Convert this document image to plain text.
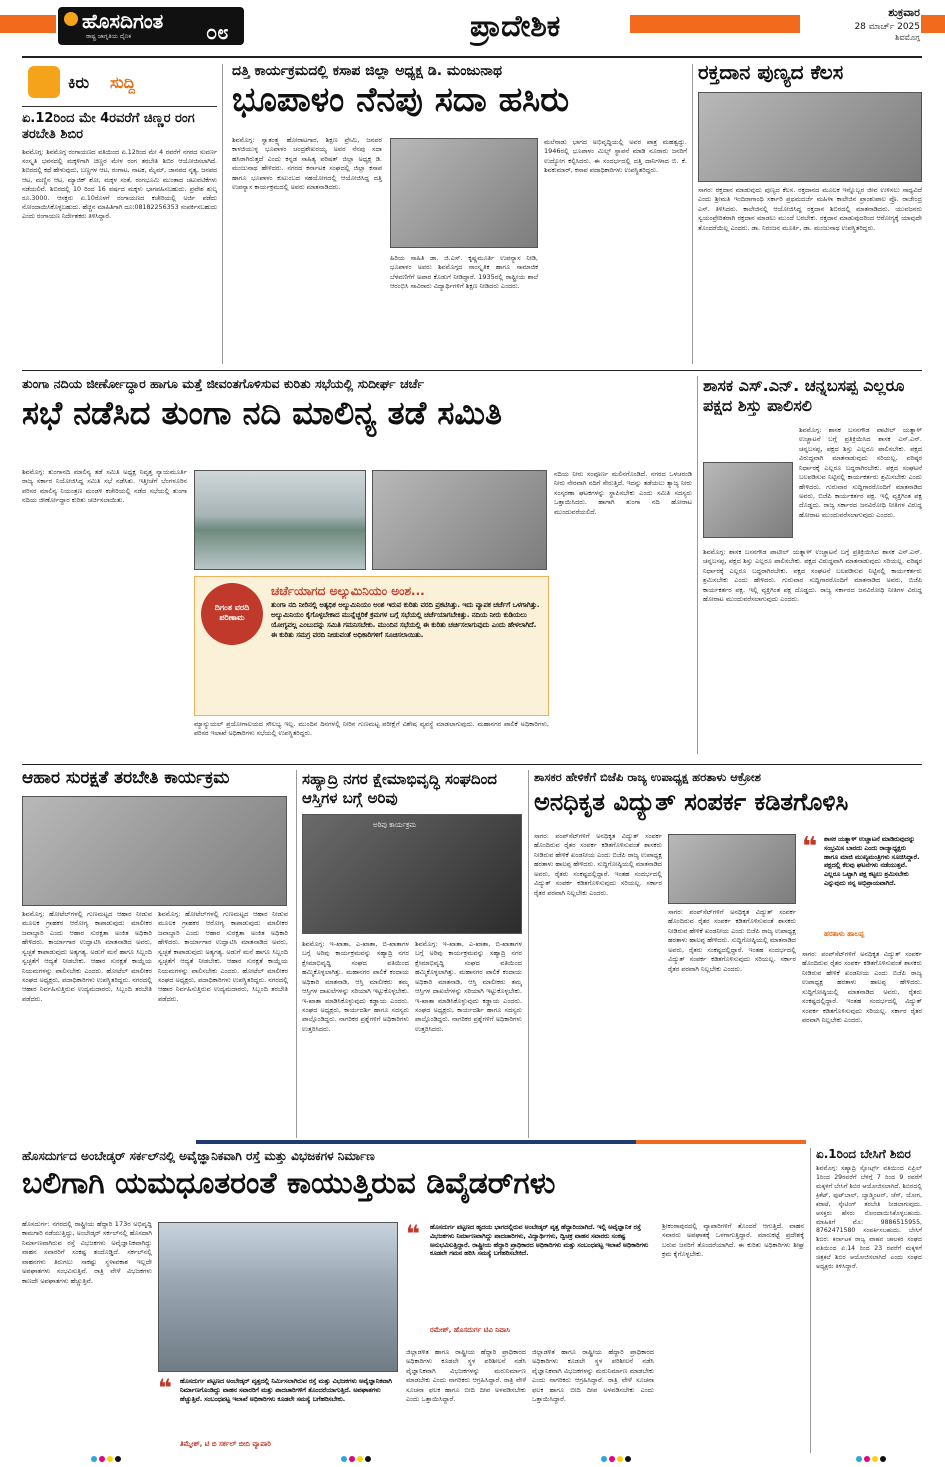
ಹೊಸದಿಗಂತ
ರಾಷ್ಟ್ರ ಜಾಗೃತಿಯ ದೈನಿಕ	೦೮	ಪ್ರಾದೇಶಿಕ	ಶುಕ್ರವಾರ
28 ಮಾರ್ಚ್ 2025
ಶಿವಮೊಗ್ಗ
ಕಿರು ಸುದ್ದಿ
ಏ.12ರಿಂದ ಮೇ 4ರವರೆಗೆ ಚಿಣ್ಣರ ರಂಗ ತರಬೇತಿ ಶಿಬಿರ
ಶಿವಮೊಗ್ಗ: ಶಿವಮೊಗ್ಗ ರಂಗಾಯಣದ ವತಿಯಿಂದ ಏ.12ರಿಂದ ಮೇ 4 ರವರೆಗೆ ನಗರದ ಸುವರ್ಣ ಸಂಸ್ಕೃತಿ ಭವನದಲ್ಲಿ ಮಕ್ಕಳಿಗಾಗಿ ಚಿಣ್ಣರ ಮೇಳ ರಂಗ ತರಬೇತಿ ಶಿಬಿರ ಆಯೋಜಿಸಲಾಗಿದೆ. ಶಿಬಿರದಲ್ಲಿ ಕಥೆ ಹೇಳುವುದು, ಬಣ್ಣಗಳ ಆಟ, ರಂಗಾಟ, ನಾಟಕ, ಮೈಮ್, ಜಾನಪದ ನೃತ್ಯ, ಜನಪದ ಆಟ, ಮಣ್ಣಿನ ಆಟ, ಮ್ಯಾಜಿಕ್ ಶೋ, ಮಕ್ಕಳ ಸಂತೆ, ರಂಗಭೂಮಿ ಮುಂತಾದ ಚಟುವಟಿಕೆಗಳು ನಡೆಯಲಿವೆ. ಶಿಬಿರದಲ್ಲಿ 10 ರಿಂದ 16 ವರ್ಷದ ಮಕ್ಕಳು ಭಾಗವಹಿಸಬಹುದು. ಪ್ರವೇಶ ಶುಲ್ಕ ರೂ.3000. ಆಸಕ್ತರು ಏ.10ರೊಳಗೆ ರಂಗಾಯಣದ ಕಚೇರಿಯಲ್ಲಿ ಅರ್ಜಿ ಪಡೆದು ನೋಂದಾಯಿಸಿಕೊಳ್ಳಬಹುದು. ಹೆಚ್ಚಿನ ಮಾಹಿತಿಗಾಗಿ ದೂ:08182256353 ಸಂಪರ್ಕಿಸಬಹುದು ಎಂದು ರಂಗಾಯಣ ನಿರ್ದೇಶಕರು ತಿಳಿಸಿದ್ದಾರೆ.
ದತ್ತಿ ಕಾರ್ಯಕ್ರಮದಲ್ಲಿ ಕಸಾಪ ಜಿಲ್ಲಾ ಅಧ್ಯಕ್ಷ ಡಿ. ಮಂಜುನಾಥ
ಭೂಪಾಳಂ ನೆನಪು ಸದಾ ಹಸಿರು
ಶಿವಮೊಗ್ಗ: ಸ್ವಾತಂತ್ರ್ಯ ಹೋರಾಟಗಾರ, ಶಿಕ್ಷಣ ಪ್ರೇಮಿ, ಜನಪರ ಕಾಳಜಿಯುಳ್ಳ ಭೂಪಾಳಂ ಚಂದ್ರಶೇಖರಯ್ಯ ಅವರ ನೆನಪು ಸದಾ ಹಸಿರಾಗಿರುತ್ತದೆ ಎಂದು ಕನ್ನಡ ಸಾಹಿತ್ಯ ಪರಿಷತ್ ಜಿಲ್ಲಾ ಅಧ್ಯಕ್ಷ ಡಿ. ಮಂಜುನಾಥ ಹೇಳಿದರು. ನಗರದ ಕರ್ನಾಟಕ ಸಂಘದಲ್ಲಿ ಜಿಲ್ಲಾ ಕಸಾಪ ಹಾಗೂ ಭೂಪಾಳಂ ಕುಟುಂಬದ ಸಹಯೋಗದಲ್ಲಿ ಆಯೋಜಿಸಿದ್ದ ದತ್ತಿ ಉಪನ್ಯಾಸ ಕಾರ್ಯಕ್ರಮದಲ್ಲಿ ಅವರು ಮಾತನಾಡಿದರು.
ಹಿರಿಯ ಸಾಹಿತಿ ಡಾ. ಜಿ.ಎಸ್. ಕೃಷ್ಣಮೂರ್ತಿ ಉಪನ್ಯಾಸ ನೀಡಿ, ಭೂಪಾಳಂ ಅವರು ಶಿವಮೊಗ್ಗದ ಸಾಂಸ್ಕೃತಿಕ ಹಾಗೂ ಸಾಮಾಜಿಕ ಬೆಳವಣಿಗೆಗೆ ಅಪಾರ ಕೊಡುಗೆ ನೀಡಿದ್ದಾರೆ. 1935ರಲ್ಲಿ ರಾಷ್ಟ್ರೀಯ ಶಾಲೆ ಆರಂಭಿಸಿ ಸಾವಿರಾರು ವಿದ್ಯಾರ್ಥಿಗಳಿಗೆ ಶಿಕ್ಷಣ ನೀಡಿದರು ಎಂದರು.
ಮಲೆನಾಡು ಭಾಗದ ಅಭಿವೃದ್ಧಿಯಲ್ಲಿ ಅವರ ಪಾತ್ರ ಮಹತ್ವದ್ದು. 1946ರಲ್ಲಿ ಭೂಪಾಳಂ ಮಿಲ್ಸ್ ಸ್ಥಾಪನೆ ಮಾಡಿ ನೂರಾರು ಜನರಿಗೆ ಉದ್ಯೋಗ ಕಲ್ಪಿಸಿದರು. ಈ ಸಂದರ್ಭದಲ್ಲಿ ದತ್ತಿ ದಾನಿಗಳಾದ ಬಿ. ಕೆ. ಶಿವಕುಮಾರ್, ಕಸಾಪ ಪದಾಧಿಕಾರಿಗಳು ಉಪಸ್ಥಿತರಿದ್ದರು.
ರಕ್ತದಾನ ಪುಣ್ಯದ ಕೆಲಸ
ಸಾಗರ: ರಕ್ತದಾನ ಮಾಡುವುದು ಪುಣ್ಯದ ಕೆಲಸ. ರಕ್ತದಾನದ ಮೂಲಕ ಇನ್ನೊಬ್ಬರ ಜೀವ ಉಳಿಸಲು ಸಾಧ್ಯವಿದೆ ಎಂದು ಶ್ರೀಮತಿ ಇಂದಿರಾಗಾಂಧಿ ಸರ್ಕಾರಿ ಪ್ರಥಮದರ್ಜೆ ಮಹಿಳಾ ಕಾಲೇಜಿನ ಪ್ರಾಂಶುಪಾಲ ಪ್ರೊ. ರಾಜೇಂದ್ರ ಎಸ್. ತಿಳಿಸಿದರು. ಕಾಲೇಜಿನಲ್ಲಿ ಆಯೋಜಿಸಿದ್ದ ರಕ್ತದಾನ ಶಿಬಿರದಲ್ಲಿ ಮಾತನಾಡಿದರು. ಯುವಜನರು ಸ್ವಯಂಪ್ರೇರಿತರಾಗಿ ರಕ್ತದಾನ ಮಾಡಲು ಮುಂದೆ ಬರಬೇಕು. ರಕ್ತದಾನ ಮಾಡುವುದರಿಂದ ಆರೋಗ್ಯಕ್ಕೆ ಯಾವುದೇ ತೊಂದರೆಯಿಲ್ಲ ಎಂದರು. ಡಾ. ನಿರಂಜನ ಮೂರ್ತಿ, ಡಾ. ಮಂಜುನಾಥ ಉಪಸ್ಥಿತರಿದ್ದರು.
ತುಂಗಾ ನದಿಯ ಜೀರ್ಣೋದ್ಧಾರ ಹಾಗೂ ಮತ್ತೆ ಜೀವಂತಗೊಳಿಸುವ ಕುರಿತು ಸಭೆಯಲ್ಲಿ ಸುದೀರ್ಘ ಚರ್ಚೆ
ಸಭೆ ನಡೆಸಿದ ತುಂಗಾ ನದಿ ಮಾಲಿನ್ಯ ತಡೆ ಸಮಿತಿ
ಶಿವಮೊಗ್ಗ: ತುಂಗಾನದಿ ಮಾಲಿನ್ಯ ತಡೆ ಸಮಿತಿ ಅಧ್ಯಕ್ಷ ನಿವೃತ್ತ ನ್ಯಾಯಮೂರ್ತಿ ರಾಜ್ಯ ಸರ್ಕಾರ ನಿಯೋಜಿಸಿದ್ದ ಸಮಿತಿ ಸಭೆ ನಡೆಸಿತು. ಇತ್ತೀಚೆಗೆ ಬೆಂಗಳೂರಿನ ಪರಿಸರ ಮಾಲಿನ್ಯ ನಿಯಂತ್ರಣ ಮಂಡಳಿ ಕಚೇರಿಯಲ್ಲಿ ನಡೆದ ಸಭೆಯಲ್ಲಿ ತುಂಗಾ ನದಿಯ ಜೀರ್ಣೋದ್ಧಾರ ಕುರಿತು ಚರ್ಚಿಸಲಾಯಿತು.
ನದಿಯ ನೀರು ಸಂಪೂರ್ಣ ಮಲಿನಗೊಂಡಿದೆ. ನಗರದ ಒಳಚರಂಡಿ ನೀರು ನೇರವಾಗಿ ನದಿಗೆ ಸೇರುತ್ತಿದೆ. ಇದನ್ನು ತಡೆಯಲು ತ್ಯಾಜ್ಯ ನೀರು ಸಂಸ್ಕರಣಾ ಘಟಕಗಳನ್ನು ಸ್ಥಾಪಿಸಬೇಕು ಎಂದು ಸಮಿತಿ ಸದಸ್ಯರು ಒತ್ತಾಯಿಸಿದರು. ಹಾಗಾಗಿ ತುಂಗಾ ನದಿ ಹೋರಾಟ ಮುಂದುವರೆಯಲಿದೆ.
ದಿಗಂತ ವರದಿ ಪರಿಣಾಮ
ಚರ್ಚೆಯಾಗದ ಅಲ್ಯುಮಿನಿಯಂ ಅಂಶ...
ತುಂಗಾ ನದಿ ನೀರಿನಲ್ಲಿ ಅತ್ಯಧಿಕ ಅಲ್ಯುಮಿನಿಯಂ ಅಂಶ ಇರುವ ಕುರಿತು ವರದಿ ಪ್ರಕಟಿಸಿತ್ತು. ಇದು ವ್ಯಾಪಕ ಚರ್ಚೆಗೆ ಒಳಗಾಗಿತ್ತು. ಅಲ್ಯುಮಿನಿಯಂ ಕೈಗೊಳ್ಳಬೇಕಾದ ಮುನ್ನೆಚ್ಚರಿಕೆ ಕ್ರಮಗಳ ಬಗ್ಗೆ ಸಭೆಯಲ್ಲಿ ಚರ್ಚೆಯಾಗಬೇಕಿತ್ತು. ನದಿಯ ನೀರು ಕುಡಿಯಲು ಯೋಗ್ಯವಲ್ಲ ಎಂಬುದನ್ನು ಸಮಿತಿ ಗಮನಿಸಬೇಕು. ಮುಂದಿನ ಸಭೆಯಲ್ಲಿ ಈ ಕುರಿತು ಚರ್ಚಿಸಲಾಗುವುದು ಎಂದು ಹೇಳಲಾಗಿದೆ. ಈ ಕುರಿತು ಸಮಗ್ರ ವರದಿ ನೀಡುವಂತೆ ಅಧಿಕಾರಿಗಳಿಗೆ ಸೂಚಿಸಲಾಯಿತು.
ಮ್ಯಾನ್ಯುಯಲ್ ಪ್ರಯೋಗಾಲಯದ ಸೌಲಭ್ಯ ಇಲ್ಲ. ಮುಂದಿನ ದಿನಗಳಲ್ಲಿ ನೀರಿನ ಗುಣಮಟ್ಟ ಪರೀಕ್ಷೆಗೆ ವಿಶೇಷ ವ್ಯವಸ್ಥೆ ಮಾಡಲಾಗುವುದು. ಮಹಾನಗರ ಪಾಲಿಕೆ ಅಧಿಕಾರಿಗಳು, ಪರಿಸರ ಇಲಾಖೆ ಅಧಿಕಾರಿಗಳು ಸಭೆಯಲ್ಲಿ ಉಪಸ್ಥಿತರಿದ್ದರು.
ಶಾಸಕ ಎಸ್.ಎನ್. ಚನ್ನಬಸಪ್ಪ ಎಲ್ಲರೂ ಪಕ್ಷದ ಶಿಸ್ತು ಪಾಲಿಸಲಿ
ಶಿವಮೊಗ್ಗ: ಶಾಸಕ ಬಸನಗೌಡ ಪಾಟೀಲ್ ಯತ್ನಾಳ್ ಉಚ್ಚಾಟನೆ ಬಗ್ಗೆ ಪ್ರತಿಕ್ರಿಯಿಸಿದ ಶಾಸಕ ಎಸ್.ಎನ್. ಚನ್ನಬಸಪ್ಪ, ಪಕ್ಷದ ಶಿಸ್ತು ಎಲ್ಲರೂ ಪಾಲಿಸಬೇಕು. ಪಕ್ಷದ ವಿರುದ್ಧವಾಗಿ ಮಾತನಾಡುವುದು ಸರಿಯಲ್ಲ. ವರಿಷ್ಠರ ನಿರ್ಧಾರಕ್ಕೆ ಎಲ್ಲರೂ ಬದ್ಧರಾಗಿರಬೇಕು. ಪಕ್ಷದ ಸಂಘಟನೆ ಬಲಪಡಿಸುವ ನಿಟ್ಟಿನಲ್ಲಿ ಕಾರ್ಯಕರ್ತರು ಶ್ರಮಿಸಬೇಕು ಎಂದು ಹೇಳಿದರು. ಗುರುವಾರ ಸುದ್ದಿಗಾರರೊಂದಿಗೆ ಮಾತನಾಡಿದ ಅವರು, ಬಿಜೆಪಿ ಕಾರ್ಯಕರ್ತರ ಪಕ್ಷ. ಇಲ್ಲಿ ವ್ಯಕ್ತಿಗಿಂತ ಪಕ್ಷ ದೊಡ್ಡದು. ರಾಜ್ಯ ಸರ್ಕಾರದ ಜನವಿರೋಧಿ ನೀತಿಗಳ ವಿರುದ್ಧ ಹೋರಾಟ ಮುಂದುವರೆಸಲಾಗುವುದು ಎಂದರು.
ಶಿವಮೊಗ್ಗ: ಶಾಸಕ ಬಸನಗೌಡ ಪಾಟೀಲ್ ಯತ್ನಾಳ್ ಉಚ್ಚಾಟನೆ ಬಗ್ಗೆ ಪ್ರತಿಕ್ರಿಯಿಸಿದ ಶಾಸಕ ಎಸ್.ಎನ್. ಚನ್ನಬಸಪ್ಪ, ಪಕ್ಷದ ಶಿಸ್ತು ಎಲ್ಲರೂ ಪಾಲಿಸಬೇಕು. ಪಕ್ಷದ ವಿರುದ್ಧವಾಗಿ ಮಾತನಾಡುವುದು ಸರಿಯಲ್ಲ. ವರಿಷ್ಠರ ನಿರ್ಧಾರಕ್ಕೆ ಎಲ್ಲರೂ ಬದ್ಧರಾಗಿರಬೇಕು. ಪಕ್ಷದ ಸಂಘಟನೆ ಬಲಪಡಿಸುವ ನಿಟ್ಟಿನಲ್ಲಿ ಕಾರ್ಯಕರ್ತರು ಶ್ರಮಿಸಬೇಕು ಎಂದು ಹೇಳಿದರು. ಗುರುವಾರ ಸುದ್ದಿಗಾರರೊಂದಿಗೆ ಮಾತನಾಡಿದ ಅವರು, ಬಿಜೆಪಿ ಕಾರ್ಯಕರ್ತರ ಪಕ್ಷ. ಇಲ್ಲಿ ವ್ಯಕ್ತಿಗಿಂತ ಪಕ್ಷ ದೊಡ್ಡದು. ರಾಜ್ಯ ಸರ್ಕಾರದ ಜನವಿರೋಧಿ ನೀತಿಗಳ ವಿರುದ್ಧ ಹೋರಾಟ ಮುಂದುವರೆಸಲಾಗುವುದು ಎಂದರು.
ಆಹಾರ ಸುರಕ್ಷತೆ ತರಬೇತಿ ಕಾರ್ಯಕ್ರಮ
ಶಿವಮೊಗ್ಗ: ಹೋಟೆಲ್‌ಗಳಲ್ಲಿ ಗುಣಮಟ್ಟದ ಆಹಾರ ನೀಡುವ ಮೂಲಕ ಗ್ರಾಹಕರ ಆರೋಗ್ಯ ಕಾಪಾಡುವುದು ಮಾಲೀಕರ ಜವಾಬ್ದಾರಿ ಎಂದು ಆಹಾರ ಸುರಕ್ಷತಾ ಅಂಕಿತ ಅಧಿಕಾರಿ ಹೇಳಿದರು. ಕಾರ್ಯಾಗಾರ ಉದ್ಘಾಟಿಸಿ ಮಾತನಾಡಿದ ಅವರು, ಸ್ವಚ್ಛತೆ ಕಾಪಾಡುವುದು ಅತ್ಯಗತ್ಯ. ಅಡುಗೆ ಮನೆ ಹಾಗೂ ಸಿಬ್ಬಂದಿ ಸ್ವಚ್ಛತೆಗೆ ಆದ್ಯತೆ ನೀಡಬೇಕು. ಆಹಾರ ಸುರಕ್ಷತೆ ಕಾಯ್ದೆಯ ನಿಯಮಗಳನ್ನು ಪಾಲಿಸಬೇಕು ಎಂದರು. ಹೋಟೆಲ್ ಮಾಲೀಕರ ಸಂಘದ ಅಧ್ಯಕ್ಷರು, ಪದಾಧಿಕಾರಿಗಳು ಉಪಸ್ಥಿತರಿದ್ದರು. ನಗರದಲ್ಲಿ ಆಹಾರ ನಿರ್ವಹಿಸುತ್ತಿರುವ ಉದ್ಯಮದಾರರು, ಸಿಬ್ಬಂದಿ ತರಬೇತಿ ಪಡೆದರು.
ಶಿವಮೊಗ್ಗ: ಹೋಟೆಲ್‌ಗಳಲ್ಲಿ ಗುಣಮಟ್ಟದ ಆಹಾರ ನೀಡುವ ಮೂಲಕ ಗ್ರಾಹಕರ ಆರೋಗ್ಯ ಕಾಪಾಡುವುದು ಮಾಲೀಕರ ಜವಾಬ್ದಾರಿ ಎಂದು ಆಹಾರ ಸುರಕ್ಷತಾ ಅಂಕಿತ ಅಧಿಕಾರಿ ಹೇಳಿದರು. ಕಾರ್ಯಾಗಾರ ಉದ್ಘಾಟಿಸಿ ಮಾತನಾಡಿದ ಅವರು, ಸ್ವಚ್ಛತೆ ಕಾಪಾಡುವುದು ಅತ್ಯಗತ್ಯ. ಅಡುಗೆ ಮನೆ ಹಾಗೂ ಸಿಬ್ಬಂದಿ ಸ್ವಚ್ಛತೆಗೆ ಆದ್ಯತೆ ನೀಡಬೇಕು. ಆಹಾರ ಸುರಕ್ಷತೆ ಕಾಯ್ದೆಯ ನಿಯಮಗಳನ್ನು ಪಾಲಿಸಬೇಕು ಎಂದರು. ಹೋಟೆಲ್ ಮಾಲೀಕರ ಸಂಘದ ಅಧ್ಯಕ್ಷರು, ಪದಾಧಿಕಾರಿಗಳು ಉಪಸ್ಥಿತರಿದ್ದರು. ನಗರದಲ್ಲಿ ಆಹಾರ ನಿರ್ವಹಿಸುತ್ತಿರುವ ಉದ್ಯಮದಾರರು, ಸಿಬ್ಬಂದಿ ತರಬೇತಿ ಪಡೆದರು.
ಸಹ್ಯಾದ್ರಿ ನಗರ ಕ್ಷೇಮಾಭಿವೃದ್ಧಿ ಸಂಘದಿಂದ ಆಸ್ತಿಗಳ ಬಗ್ಗೆ ಅರಿವು
ಅರಿವು ಕಾರ್ಯಕ್ರಮ
ಶಿವಮೊಗ್ಗ: ಇ-ಖಾತಾ, ಎ-ಖಾತಾ, ಬಿ-ಖಾತಾಗಳ ಬಗ್ಗೆ ಅರಿವು ಕಾರ್ಯಕ್ರಮವನ್ನು ಸಹ್ಯಾದ್ರಿ ನಗರ ಕ್ಷೇಮಾಭಿವೃದ್ಧಿ ಸಂಘದ ವತಿಯಿಂದ ಹಮ್ಮಿಕೊಳ್ಳಲಾಗಿತ್ತು. ಮಹಾನಗರ ಪಾಲಿಕೆ ಕಂದಾಯ ಅಧಿಕಾರಿ ಮಾತನಾಡಿ, ಆಸ್ತಿ ಮಾಲೀಕರು ತಮ್ಮ ಆಸ್ತಿಗಳ ದಾಖಲೆಗಳನ್ನು ಸರಿಯಾಗಿ ಇಟ್ಟುಕೊಳ್ಳಬೇಕು. ಇ-ಖಾತಾ ಮಾಡಿಸಿಕೊಳ್ಳುವುದು ಕಡ್ಡಾಯ ಎಂದರು. ಸಂಘದ ಅಧ್ಯಕ್ಷರು, ಕಾರ್ಯದರ್ಶಿ ಹಾಗೂ ಸದಸ್ಯರು ಪಾಲ್ಗೊಂಡಿದ್ದರು. ನಾಗರಿಕರ ಪ್ರಶ್ನೆಗಳಿಗೆ ಅಧಿಕಾರಿಗಳು ಉತ್ತರಿಸಿದರು.
ಶಿವಮೊಗ್ಗ: ಇ-ಖಾತಾ, ಎ-ಖಾತಾ, ಬಿ-ಖಾತಾಗಳ ಬಗ್ಗೆ ಅರಿವು ಕಾರ್ಯಕ್ರಮವನ್ನು ಸಹ್ಯಾದ್ರಿ ನಗರ ಕ್ಷೇಮಾಭಿವೃದ್ಧಿ ಸಂಘದ ವತಿಯಿಂದ ಹಮ್ಮಿಕೊಳ್ಳಲಾಗಿತ್ತು. ಮಹಾನಗರ ಪಾಲಿಕೆ ಕಂದಾಯ ಅಧಿಕಾರಿ ಮಾತನಾಡಿ, ಆಸ್ತಿ ಮಾಲೀಕರು ತಮ್ಮ ಆಸ್ತಿಗಳ ದಾಖಲೆಗಳನ್ನು ಸರಿಯಾಗಿ ಇಟ್ಟುಕೊಳ್ಳಬೇಕು. ಇ-ಖಾತಾ ಮಾಡಿಸಿಕೊಳ್ಳುವುದು ಕಡ್ಡಾಯ ಎಂದರು. ಸಂಘದ ಅಧ್ಯಕ್ಷರು, ಕಾರ್ಯದರ್ಶಿ ಹಾಗೂ ಸದಸ್ಯರು ಪಾಲ್ಗೊಂಡಿದ್ದರು. ನಾಗರಿಕರ ಪ್ರಶ್ನೆಗಳಿಗೆ ಅಧಿಕಾರಿಗಳು ಉತ್ತರಿಸಿದರು.
ಶಾಸಕರ ಹೇಳಿಕೆಗೆ ಬಿಜೆಪಿ ರಾಜ್ಯ ಉಪಾಧ್ಯಕ್ಷ ಹರತಾಳು ಆಕ್ರೋಶ
ಅನಧಿಕೃತ ವಿದ್ಯುತ್ ಸಂಪರ್ಕ ಕಡಿತಗೊಳಿಸಿ
ಸಾಗರ: ಪಂಪ್‌ಸೆಟ್‌ಗಳಿಗೆ ಅನಧಿಕೃತ ವಿದ್ಯುತ್ ಸಂಪರ್ಕ ಹೊಂದಿರುವ ರೈತರ ಸಂಪರ್ಕ ಕಡಿತಗೊಳಿಸುವಂತೆ ಶಾಸಕರು ನೀಡಿರುವ ಹೇಳಿಕೆ ಖಂಡನೀಯ ಎಂದು ಬಿಜೆಪಿ ರಾಜ್ಯ ಉಪಾಧ್ಯಕ್ಷ ಹರತಾಳು ಹಾಲಪ್ಪ ಹೇಳಿದರು. ಸುದ್ದಿಗೋಷ್ಠಿಯಲ್ಲಿ ಮಾತನಾಡಿದ ಅವರು, ರೈತರು ಸಂಕಷ್ಟದಲ್ಲಿದ್ದಾರೆ. ಇಂತಹ ಸಂದರ್ಭದಲ್ಲಿ ವಿದ್ಯುತ್ ಸಂಪರ್ಕ ಕಡಿತಗೊಳಿಸುವುದು ಸರಿಯಲ್ಲ. ಸರ್ಕಾರ ರೈತರ ಪರವಾಗಿ ನಿಲ್ಲಬೇಕು ಎಂದರು.
ಸಾಗರ: ಪಂಪ್‌ಸೆಟ್‌ಗಳಿಗೆ ಅನಧಿಕೃತ ವಿದ್ಯುತ್ ಸಂಪರ್ಕ ಹೊಂದಿರುವ ರೈತರ ಸಂಪರ್ಕ ಕಡಿತಗೊಳಿಸುವಂತೆ ಶಾಸಕರು ನೀಡಿರುವ ಹೇಳಿಕೆ ಖಂಡನೀಯ ಎಂದು ಬಿಜೆಪಿ ರಾಜ್ಯ ಉಪಾಧ್ಯಕ್ಷ ಹರತಾಳು ಹಾಲಪ್ಪ ಹೇಳಿದರು. ಸುದ್ದಿಗೋಷ್ಠಿಯಲ್ಲಿ ಮಾತನಾಡಿದ ಅವರು, ರೈತರು ಸಂಕಷ್ಟದಲ್ಲಿದ್ದಾರೆ. ಇಂತಹ ಸಂದರ್ಭದಲ್ಲಿ ವಿದ್ಯುತ್ ಸಂಪರ್ಕ ಕಡಿತಗೊಳಿಸುವುದು ಸರಿಯಲ್ಲ. ಸರ್ಕಾರ ರೈತರ ಪರವಾಗಿ ನಿಲ್ಲಬೇಕು ಎಂದರು.
❝ ಶಾಸಕ ಯತ್ನಾಳ್ ಉಚ್ಚಾಟನೆ ಮಾಡಿರುವುದನ್ನು ಸಂಭ್ರಮಿಸ ಬಾರದು ಎಂದು ರಾಜ್ಯಾಧ್ಯಕ್ಷರು ಹಾಗೂ ಮಾಜಿ ಮುಖ್ಯಮಂತ್ರಿಗಳು ಸೂಚಿಸಿದ್ದಾರೆ. ಪಕ್ಷದಲ್ಲಿ ಕೆಲವು ಘಟನೆಗಳು ನಡೆಯುತ್ತವೆ. ಎಲ್ಲರೂ ಒಟ್ಟಾಗಿ ಪಕ್ಷ ಕಟ್ಟಲು ಶ್ರಮಿಸಬೇಕು ಎನ್ನುವುದು ನನ್ನ ಅಭಿಪ್ರಾಯವಾಗಿದೆ.
ಹರತಾಳು ಹಾಲಪ್ಪ
ಸಾಗರ: ಪಂಪ್‌ಸೆಟ್‌ಗಳಿಗೆ ಅನಧಿಕೃತ ವಿದ್ಯುತ್ ಸಂಪರ್ಕ ಹೊಂದಿರುವ ರೈತರ ಸಂಪರ್ಕ ಕಡಿತಗೊಳಿಸುವಂತೆ ಶಾಸಕರು ನೀಡಿರುವ ಹೇಳಿಕೆ ಖಂಡನೀಯ ಎಂದು ಬಿಜೆಪಿ ರಾಜ್ಯ ಉಪಾಧ್ಯಕ್ಷ ಹರತಾಳು ಹಾಲಪ್ಪ ಹೇಳಿದರು. ಸುದ್ದಿಗೋಷ್ಠಿಯಲ್ಲಿ ಮಾತನಾಡಿದ ಅವರು, ರೈತರು ಸಂಕಷ್ಟದಲ್ಲಿದ್ದಾರೆ. ಇಂತಹ ಸಂದರ್ಭದಲ್ಲಿ ವಿದ್ಯುತ್ ಸಂಪರ್ಕ ಕಡಿತಗೊಳಿಸುವುದು ಸರಿಯಲ್ಲ. ಸರ್ಕಾರ ರೈತರ ಪರವಾಗಿ ನಿಲ್ಲಬೇಕು ಎಂದರು.
ಹೊಸದುರ್ಗದ ಅಂಬೇಡ್ಕರ್ ಸರ್ಕಲ್‌ನಲ್ಲಿ ಅವೈಜ್ಞಾನಿಕವಾಗಿ ರಸ್ತೆ ಮತ್ತು ವಿಭಜಕಗಳ ನಿರ್ಮಾಣ
ಬಲಿಗಾಗಿ ಯಮಧೂತರಂತೆ ಕಾಯುತ್ತಿರುವ ಡಿವೈಡರ್‌ಗಳು
ಹೊಸದುರ್ಗ: ನಗರದಲ್ಲಿ ರಾಷ್ಟ್ರೀಯ ಹೆದ್ದಾರಿ 173ರ ಅಭಿವೃದ್ಧಿ ಕಾಮಗಾರಿ ನಡೆಯುತ್ತಿದ್ದು, ಅಂಬೇಡ್ಕರ್ ಸರ್ಕಲ್‌ನಲ್ಲಿ ಹೊಸದಾಗಿ ನಿರ್ಮಾಣವಾಗಿರುವ ರಸ್ತೆ ವಿಭಜಕಗಳು ಅವೈಜ್ಞಾನಿಕವಾಗಿದ್ದು ವಾಹನ ಸವಾರರಿಗೆ ಸಂಕಷ್ಟ ತಂದೊಡ್ಡಿದೆ. ಸರ್ಕಲ್‌ನಲ್ಲಿ ವಾಹನಗಳು ತಿರುಗಲು ಸಾಕಷ್ಟು ಸ್ಥಳಾವಕಾಶ ಇಲ್ಲದೇ ಅಪಘಾತಗಳು ಸಂಭವಿಸುತ್ತಿವೆ. ರಾತ್ರಿ ವೇಳೆ ವಿಭಜಕಗಳು ಕಾಣದೇ ಅಪಘಾತಗಳು ಹೆಚ್ಚುತ್ತಿವೆ.
❝ ಹೊಸದುರ್ಗ ಪಟ್ಟಣದ ಅಂಬೇಡ್ಕರ್ ವೃತ್ತದಲ್ಲಿ ನಿರ್ಮಿಸಲಾಗಿರುವ ರಸ್ತೆ ಮತ್ತು ವಿಭಜಕಗಳು ಅವೈಜ್ಞಾನಿಕವಾಗಿ ನಿರ್ಮಾಣಗೊಂಡಿದ್ದು ವಾಹನ ಸವಾರರಿಗೆ ಮತ್ತು ಪಾದಚಾರಿಗಳಿಗೆ ತೊಂದರೆಯಾಗುತ್ತಿದೆ. ಅಪಘಾತಗಳು ಹೆಚ್ಚುತ್ತಿವೆ. ಸಂಬಂಧಪಟ್ಟ ಇಲಾಖೆ ಅಧಿಕಾರಿಗಳು ಕೂಡಲೇ ಸಮಸ್ಯೆ ಬಗೆಹರಿಸಬೇಕು.
ತಿಮ್ಮೇಶ್, ಟಿ ಬಿ ಸರ್ಕಲ್ ಬೀದಿ ವ್ಯಾಪಾರಿ
❝ ಹೊಸದುರ್ಗ ಪಟ್ಟಣದ ಹೃದಯ ಭಾಗದಲ್ಲಿರುವ ಅಂಬೇಡ್ಕರ್ ವೃತ್ತ ಹೆದ್ದಾರಿಯಾಗಿದೆ. ಇಲ್ಲಿ ಅವೈಜ್ಞಾನಿಕ ರಸ್ತೆ ವಿಭಜಕಗಳು ನಿರ್ಮಾಣವಾಗಿದ್ದು ಪಾದಚಾರಿಗಳು, ವಿದ್ಯಾರ್ಥಿಗಳು, ದ್ವಿಚಕ್ರ ವಾಹನ ಸವಾರರು ಸಂಕಷ್ಟ ಅನುಭವಿಸುತ್ತಿದ್ದಾರೆ. ರಾಷ್ಟ್ರೀಯ ಹೆದ್ದಾರಿ ಪ್ರಾಧಿಕಾರದ ಅಧಿಕಾರಿಗಳು ಮತ್ತು ಸಂಬಂಧಪಟ್ಟ ಇಲಾಖೆ ಅಧಿಕಾರಿಗಳು ಕೂಡಲೇ ಗಮನ ಹರಿಸಿ ಸಮಸ್ಯೆ ಬಗೆಹರಿಸಬೇಕಿದೆ.
ರಮೇಶ್, ಹೊಸದುರ್ಗ ಟಿವಿ ನಿವಾಸಿ
ಜಿಲ್ಲಾಡಳಿತ ಹಾಗೂ ರಾಷ್ಟ್ರೀಯ ಹೆದ್ದಾರಿ ಪ್ರಾಧಿಕಾರದ ಅಧಿಕಾರಿಗಳು ಕೂಡಲೇ ಸ್ಥಳ ಪರಿಶೀಲನೆ ನಡೆಸಿ ವೈಜ್ಞಾನಿಕವಾಗಿ ವಿಭಜಕಗಳನ್ನು ಮರುನಿರ್ಮಾಣ ಮಾಡಬೇಕು ಎಂದು ನಾಗರಿಕರು ಆಗ್ರಹಿಸಿದ್ದಾರೆ. ರಾತ್ರಿ ವೇಳೆ ಸೂಚನಾ ಫಲಕ ಹಾಗೂ ಬೀದಿ ದೀಪ ಅಳವಡಿಸಬೇಕು ಎಂದು ಒತ್ತಾಯಿಸಿದ್ದಾರೆ.
ಜಿಲ್ಲಾಡಳಿತ ಹಾಗೂ ರಾಷ್ಟ್ರೀಯ ಹೆದ್ದಾರಿ ಪ್ರಾಧಿಕಾರದ ಅಧಿಕಾರಿಗಳು ಕೂಡಲೇ ಸ್ಥಳ ಪರಿಶೀಲನೆ ನಡೆಸಿ ವೈಜ್ಞಾನಿಕವಾಗಿ ವಿಭಜಕಗಳನ್ನು ಮರುನಿರ್ಮಾಣ ಮಾಡಬೇಕು ಎಂದು ನಾಗರಿಕರು ಆಗ್ರಹಿಸಿದ್ದಾರೆ. ರಾತ್ರಿ ವೇಳೆ ಸೂಚನಾ ಫಲಕ ಹಾಗೂ ಬೀದಿ ದೀಪ ಅಳವಡಿಸಬೇಕು ಎಂದು ಒತ್ತಾಯಿಸಿದ್ದಾರೆ.
ಶ್ರೀಕಂಠಾಪುರದಲ್ಲಿ ವ್ಯಾಪಾರಿಗಳಿಗೆ ತೊಂದರೆ ಆಗುತ್ತಿದೆ. ವಾಹನ ಸವಾರರು ಅಪಘಾತಕ್ಕೆ ಒಳಗಾಗುತ್ತಿದ್ದಾರೆ. ಮಾರುಕಟ್ಟೆ ಪ್ರದೇಶಕ್ಕೆ ಬರುವ ಜನರಿಗೆ ತೊಂದರೆಯಾಗಿದೆ. ಈ ಕುರಿತು ಅಧಿಕಾರಿಗಳು ಶೀಘ್ರ ಕ್ರಮ ಕೈಗೊಳ್ಳಬೇಕು.
ಏ.1ರಿಂದ ಬೇಸಿಗೆ ಶಿಬಿರ
ಶಿವಮೊಗ್ಗ: ಸಹ್ಯಾದ್ರಿ ಸ್ಪೋರ್ಟ್ಸ್ ವತಿಯಿಂದ ಏಪ್ರಿಲ್ 1ರಿಂದ 29ರವರೆಗೆ ಬೆಳಿಗ್ಗೆ 7 ರಿಂದ 9 ರವರೆಗೆ ಮಕ್ಕಳಿಗೆ ಬೇಸಿಗೆ ಶಿಬಿರ ಆಯೋಜಿಸಲಾಗಿದೆ. ಶಿಬಿರದಲ್ಲಿ ಕ್ರಿಕೆಟ್, ಫುಟ್‌ಬಾಲ್, ಬ್ಯಾಡ್ಮಿಂಟನ್, ಚೆಸ್, ಯೋಗ, ಕರಾಟೆ, ಸ್ಕೇಟಿಂಗ್ ತರಬೇತಿ ನೀಡಲಾಗುವುದು. ಆಸಕ್ತರು ಹೆಸರು ನೋಂದಾಯಿಸಿಕೊಳ್ಳಬಹುದು. ಮಾಹಿತಿಗೆ ಮೊ: 9886515955, 8762471580 ಸಂಪರ್ಕಿಸಬಹುದು. ಬೇಸಿಗೆ ಶಿಬಿರ: ಕರ್ನಾಟಕ ರಾಜ್ಯ ವಾಹನ ಚಾಲಕರ ಸಂಘದ ವತಿಯಿಂದ ಏ.14 ರಿಂದ 23 ರವರೆಗೆ ಮಕ್ಕಳಿಗೆ ಚಿತ್ರಕಲೆ ಶಿಬಿರ ಆಯೋಜಿಸಲಾಗಿದೆ ಎಂದು ಸಂಘದ ಅಧ್ಯಕ್ಷರು ತಿಳಿಸಿದ್ದಾರೆ.
